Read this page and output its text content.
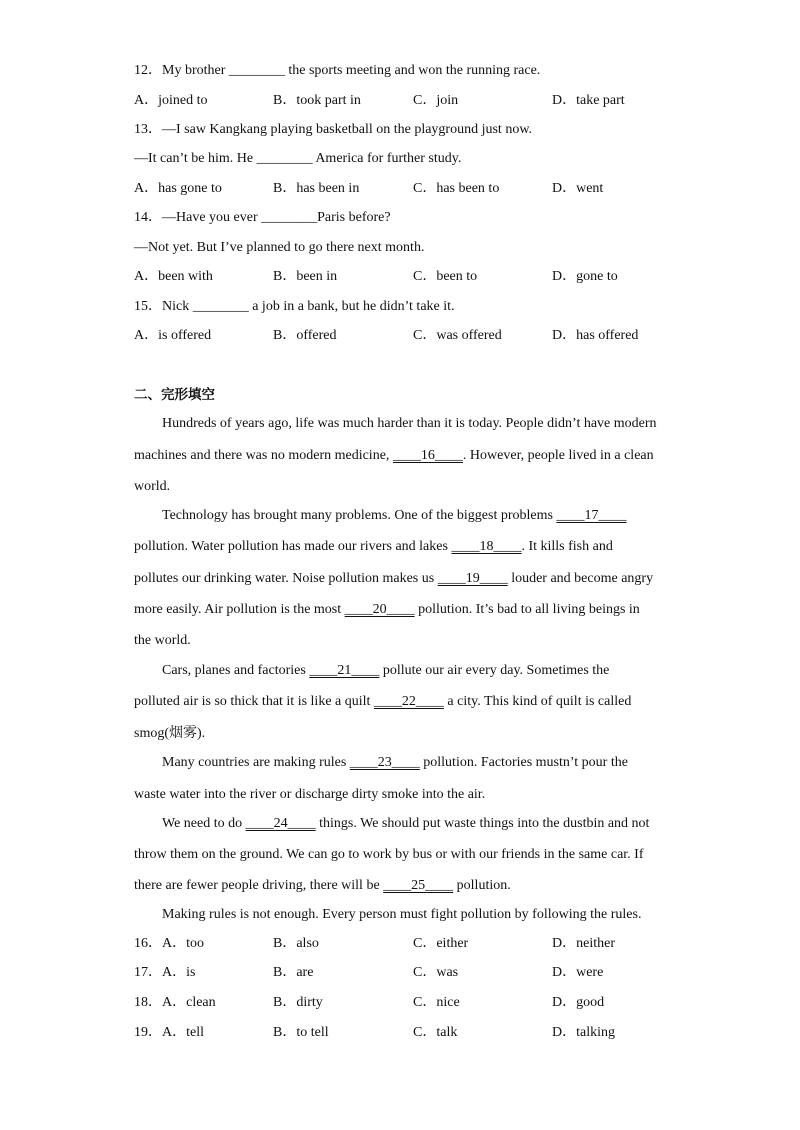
12．My brother ________ the sports meeting and won the running race.
A．joined to	B．took part in	C．join	D．take part
13．—I saw Kangkang playing basketball on the playground just now.
—It can’t be him. He ________ America for further study.
A．has gone to	B．has been in	C．has been to	D．went
14．—Have you ever ________Paris before?
—Not yet. But I’ve planned to go there next month.
A．been with	B．been in	C．been to	D．gone to
15．Nick ________ a job in a bank, but he didn’t take it.
A．is offered	B．offered	C．was offered	D．has offered
二、完形填空
Hundreds of years ago, life was much harder than it is today. People didn’t have modern
machines and there was no modern medicine, ____16____. However, people lived in a clean
world.
Technology has brought many problems. One of the biggest problems ____17____
pollution. Water pollution has made our rivers and lakes ____18____. It kills fish and
pollutes our drinking water. Noise pollution makes us ____19____ louder and become angry
more easily. Air pollution is the most ____20____ pollution. It’s bad to all living beings in
the world.
Cars, planes and factories ____21____ pollute our air every day. Sometimes the
polluted air is so thick that it is like a quilt ____22____ a city. This kind of quilt is called
smog(烟雾).
Many countries are making rules ____23____ pollution. Factories mustn’t pour the
waste water into the river or discharge dirty smoke into the air.
We need to do ____24____ things. We should put waste things into the dustbin and not
throw them on the ground. We can go to work by bus or with our friends in the same car. If
there are fewer people driving, there will be ____25____ pollution.
Making rules is not enough. Every person must fight pollution by following the rules.
16．A．too	B．also	C．either	D．neither
17．A．is	B．are	C．was	D．were
18．A．clean	B．dirty	C．nice	D．good
19．A．tell	B．to tell	C．talk	D．talking
